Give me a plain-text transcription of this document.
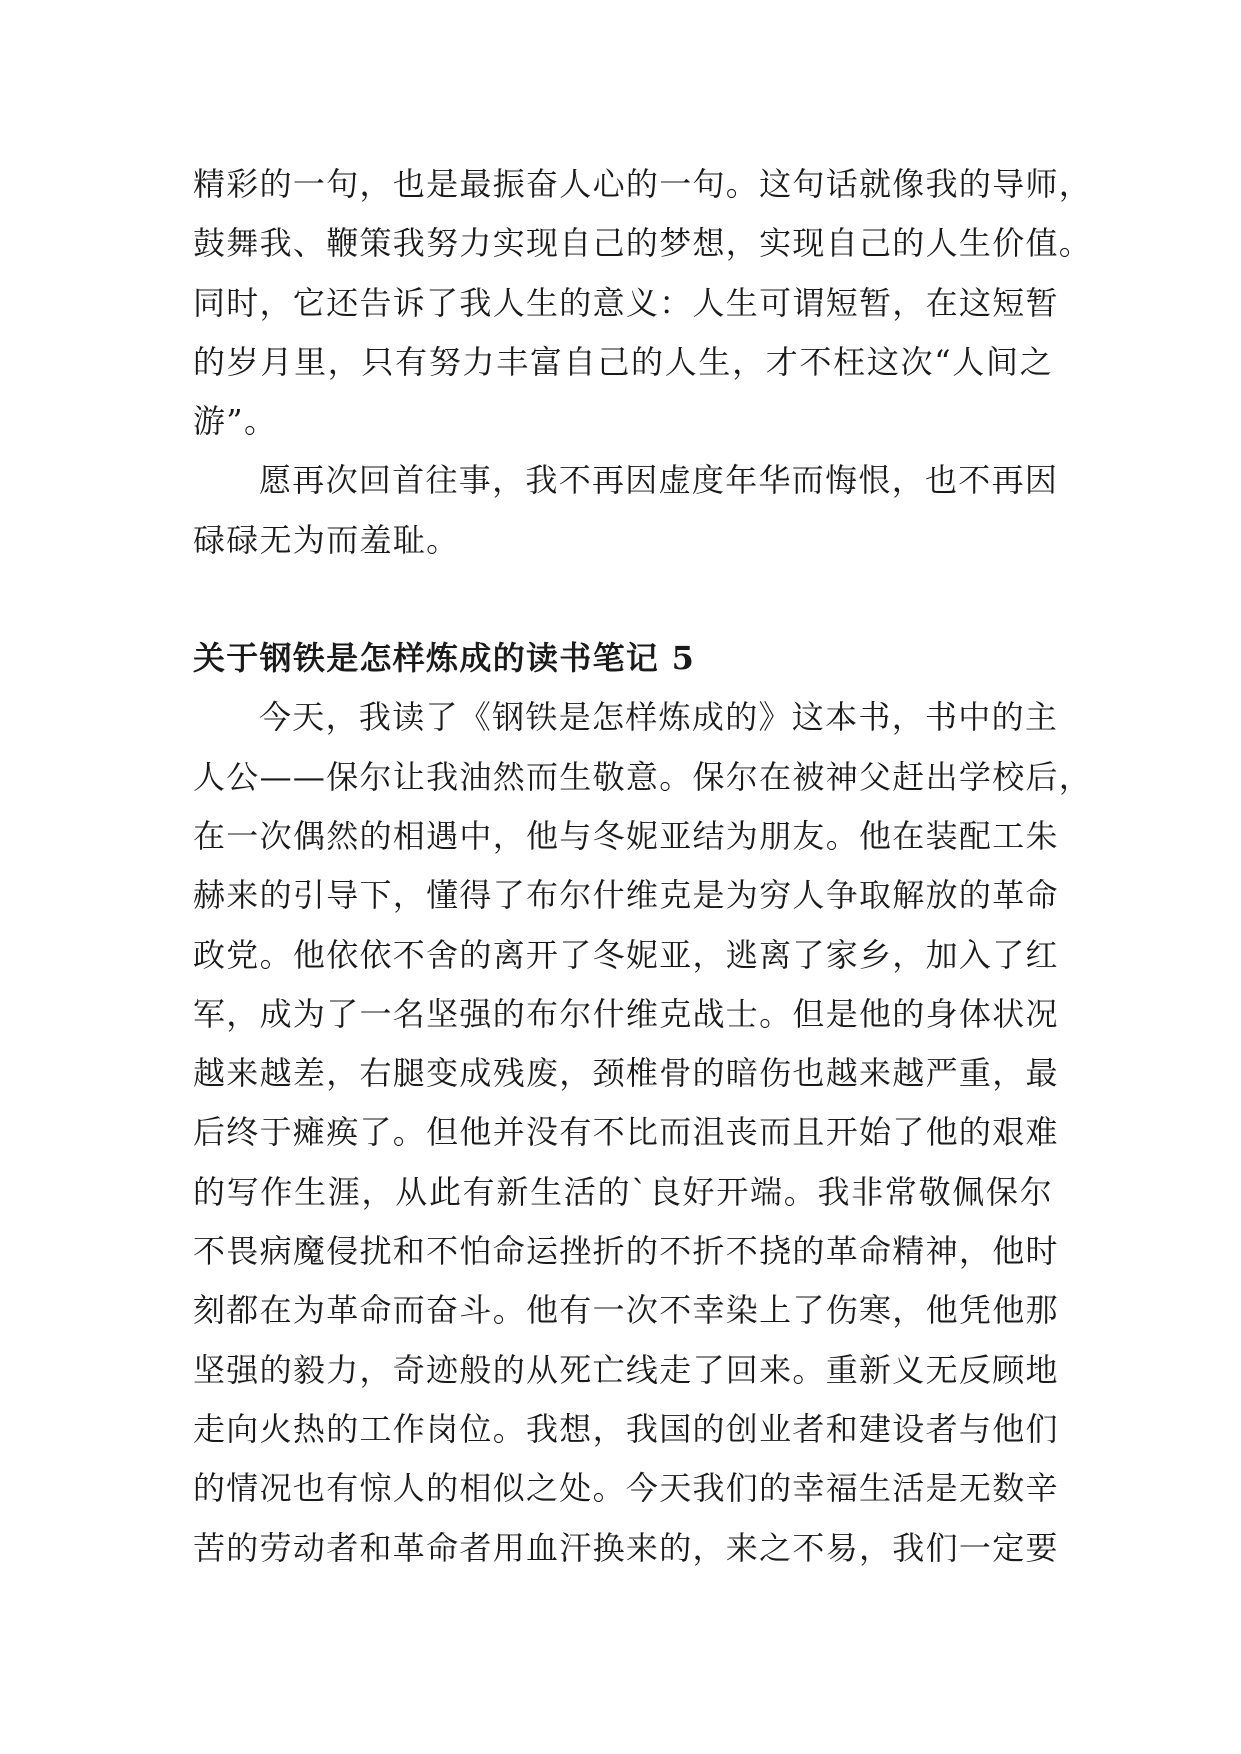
精彩的一句，也是最振奋人心的一句。这句话就像我的导师，
鼓舞我、鞭策我努力实现自己的梦想，实现自己的人生价值。
同时，它还告诉了我人生的意义：人生可谓短暂，在这短暂
的岁月里，只有努力丰富自己的人生，才不枉这次“人间之
游”。

愿再次回首往事，我不再因虚度年华而悔恨，也不再因
碌碌无为而羞耻。

关于钢铁是怎样炼成的读书笔记 5

今天，我读了《钢铁是怎样炼成的》这本书，书中的主
人公——保尔让我油然而生敬意。保尔在被神父赶出学校后，
在一次偶然的相遇中，他与冬妮亚结为朋友。他在装配工朱
赫来的引导下，懂得了布尔什维克是为穷人争取解放的革命
政党。他依依不舍的离开了冬妮亚，逃离了家乡，加入了红
军，成为了一名坚强的布尔什维克战士。但是他的身体状况
越来越差，右腿变成残废，颈椎骨的暗伤也越来越严重，最
后终于瘫痪了。但他并没有不比而沮丧而且开始了他的艰难
的写作生涯，从此有新生活的`良好开端。我非常敬佩保尔
不畏病魔侵扰和不怕命运挫折的不折不挠的革命精神，他时
刻都在为革命而奋斗。他有一次不幸染上了伤寒，他凭他那
坚强的毅力，奇迹般的从死亡线走了回来。重新义无反顾地
走向火热的工作岗位。我想，我国的创业者和建设者与他们
的情况也有惊人的相似之处。今天我们的幸福生活是无数辛
苦的劳动者和革命者用血汗换来的，来之不易，我们一定要
